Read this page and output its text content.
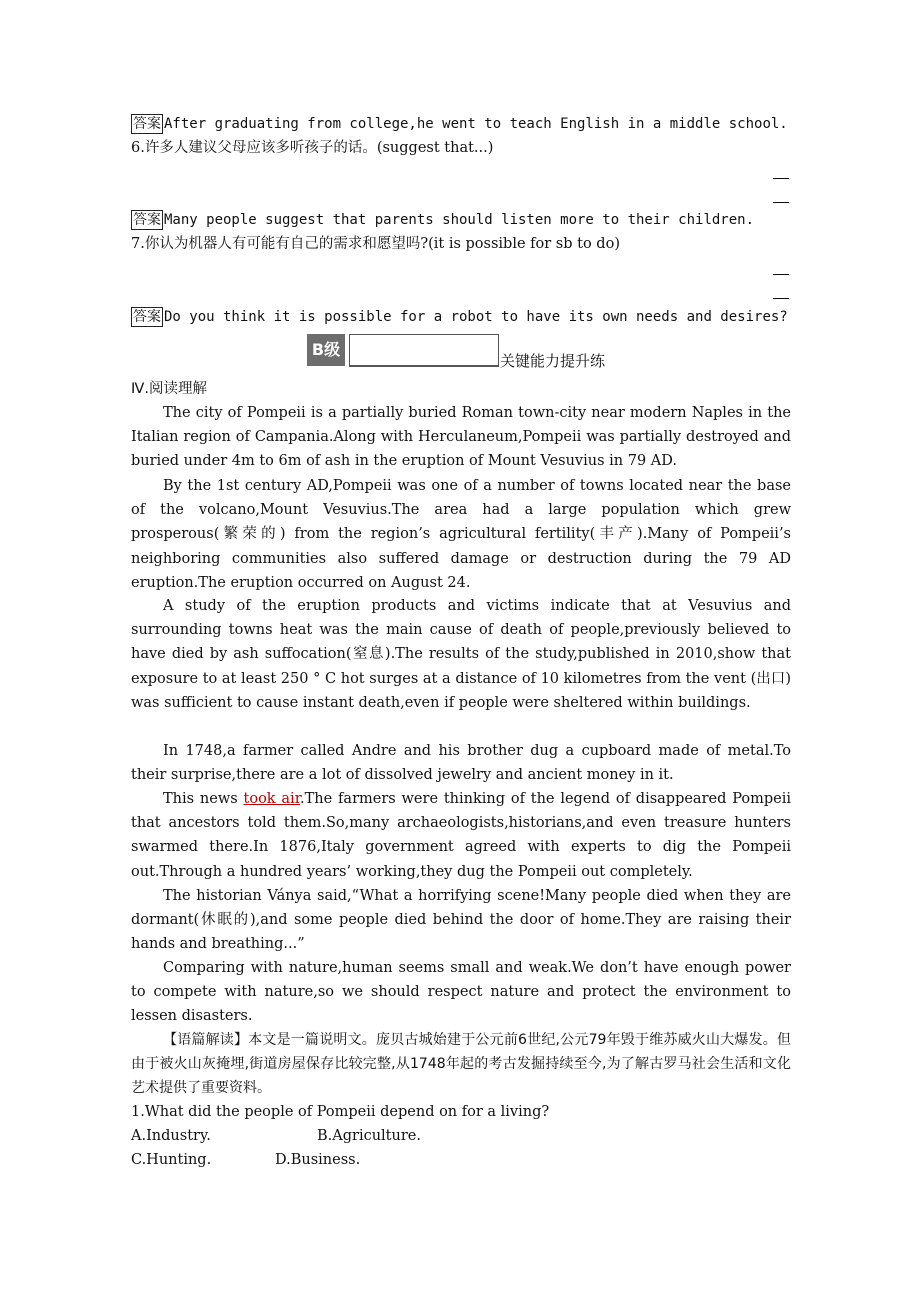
答案 After graduating from college,he went to teach English in a middle school.
6.许多人建议父母应该多听孩子的话。(suggest that...)
答案 Many people suggest that parents should listen more to their children.
7.你认为机器人有可能有自己的需求和愿望吗?(it is possible for sb to do)
答案 Do you think it is possible for a robot to have its own needs and desires?
B级
关键能力提升练
Ⅳ.阅读理解
The city of Pompeii is a partially buried Roman town-city near modern Naples in the Italian region of Campania.Along with Herculaneum,Pompeii was partially destroyed and buried under 4m to 6m of ash in the eruption of Mount Vesuvius in 79 AD.
By the 1st century AD,Pompeii was one of a number of towns located near the base of the volcano,Mount Vesuvius.The area had a large population which grew prosperous(繁荣的) from the region’s agricultural fertility(丰产).Many of Pompeii’s neighboring communities also suffered damage or destruction during the 79 AD eruption.The eruption occurred on August 24.
A study of the eruption products and victims indicate that at Vesuvius and surrounding towns heat was the main cause of death of people,previously believed to have died by ash suffocation(窒息).The results of the study,published in 2010,show that exposure to at least 250 ° C hot surges at a distance of 10 kilometres from the vent (出口) was sufficient to cause instant death,even if people were sheltered within buildings.
In 1748,a farmer called Andre and his brother dug a cupboard made of metal.To their surprise,there are a lot of dissolved jewelry and ancient money in it.
This news took air.The farmers were thinking of the legend of disappeared Pompeii that ancestors told them.So,many archaeologists,historians,and even treasure hunters swarmed there.In 1876,Italy government agreed with experts to dig the Pompeii out.Through a hundred years’ working,they dug the Pompeii out completely.
The historian Ványa said,“What a horrifying scene!Many people died when they are dormant(休眠的),and some people died behind the door of home.They are raising their hands and breathing...”
Comparing with nature,human seems small and weak.We don’t have enough power to compete with nature,so we should respect nature and protect the environment to lessen disasters.
【语篇解读】本文是一篇说明文。庞贝古城始建于公元前6世纪,公元79年毁于维苏威火山大爆发。但由于被火山灰掩埋,街道房屋保存比较完整,从1748年起的考古发掘持续至今,为了解古罗马社会生活和文化艺术提供了重要资料。
1.What did the people of Pompeii depend on for a living?
A.Industry.	B.Agriculture.
C.Hunting.	D.Business.
